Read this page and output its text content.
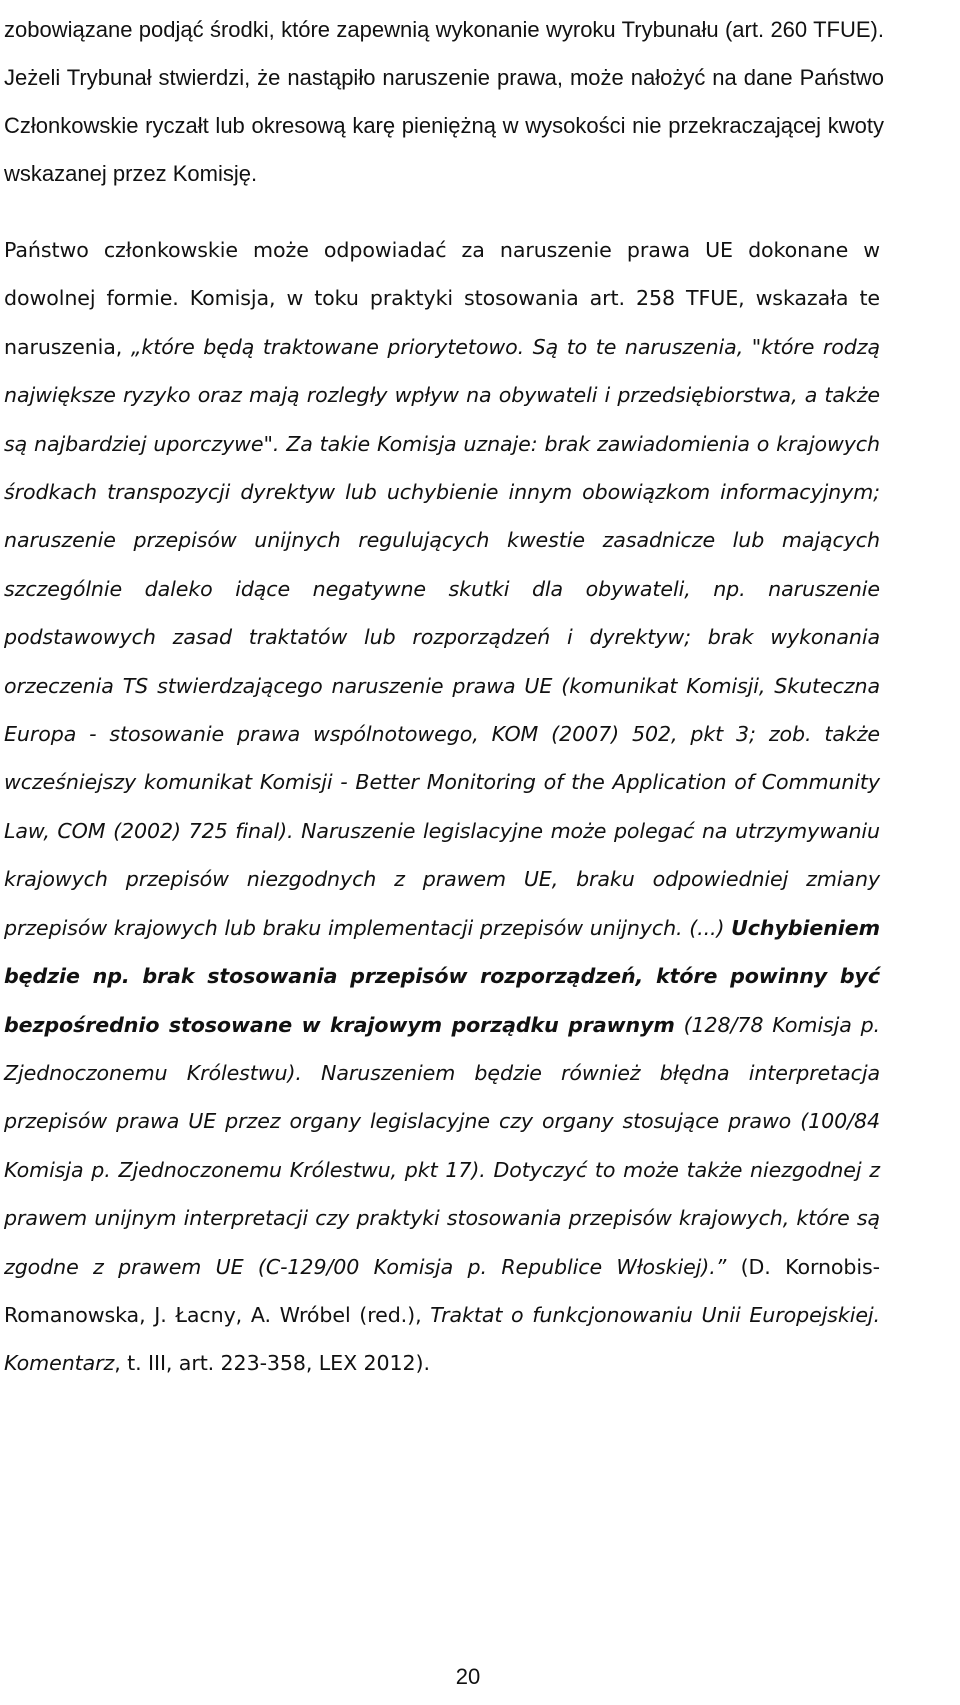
zobowiązane podjąć środki, które zapewnią wykonanie wyroku Trybunału (art. 260 TFUE). Jeżeli Trybunał stwierdzi, że nastąpiło naruszenie prawa, może nałożyć na dane Państwo Członkowskie ryczałt lub okresową karę pieniężną w wysokości nie przekraczającej kwoty wskazanej przez Komisję.

Państwo członkowskie może odpowiadać za naruszenie prawa UE dokonane w dowolnej formie. Komisja, w toku praktyki stosowania art. 258 TFUE, wskazała te naruszenia, „które będą traktowane priorytetowo. Są to te naruszenia, "które rodzą największe ryzyko oraz mają rozległy wpływ na obywateli i przedsiębiorstwa, a także są najbardziej uporczywe". Za takie Komisja uznaje: brak zawiadomienia o krajowych środkach transpozycji dyrektyw lub uchybienie innym obowiązkom informacyjnym; naruszenie przepisów unijnych regulujących kwestie zasadnicze lub mających szczególnie daleko idące negatywne skutki dla obywateli, np. naruszenie podstawowych zasad traktatów lub rozporządzeń i dyrektyw; brak wykonania orzeczenia TS stwierdzającego naruszenie prawa UE (komunikat Komisji, Skuteczna Europa - stosowanie prawa wspólnotowego, KOM (2007) 502, pkt 3; zob. także wcześniejszy komunikat Komisji - Better Monitoring of the Application of Community Law, COM (2002) 725 final). Naruszenie legislacyjne może polegać na utrzymywaniu krajowych przepisów niezgodnych z prawem UE, braku odpowiedniej zmiany przepisów krajowych lub braku implementacji przepisów unijnych. (...) Uchybieniem będzie np. brak stosowania przepisów rozporządzeń, które powinny być bezpośrednio stosowane w krajowym porządku prawnym (128/78 Komisja p. Zjednoczonemu Królestwu). Naruszeniem będzie również błędna interpretacja przepisów prawa UE przez organy legislacyjne czy organy stosujące prawo (100/84 Komisja p. Zjednoczonemu Królestwu, pkt 17). Dotyczyć to może także niezgodnej z prawem unijnym interpretacji czy praktyki stosowania przepisów krajowych, które są zgodne z prawem UE (C-129/00 Komisja p. Republice Włoskiej).” (D. Kornobis-Romanowska, J. Łacny, A. Wróbel (red.), Traktat o funkcjonowaniu Unii Europejskiej. Komentarz, t. III, art. 223-358, LEX 2012).

20
